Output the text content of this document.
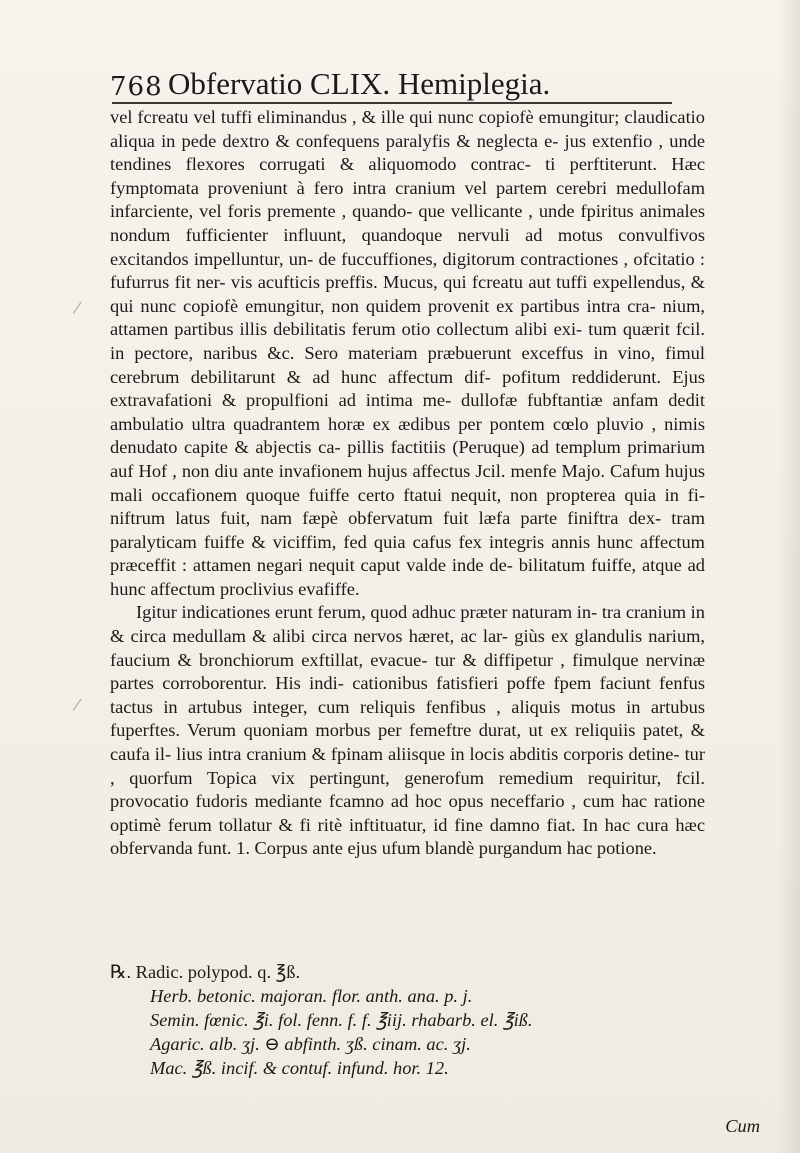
768 Obfervatio CLIX. Hemiplegia.

vel fcreatu vel tuffi eliminandus , & ille qui nunc copiofè emungitur; claudicatio aliqua in pede dextro & confequens paralyfis & neglecta e- jus extenfio , unde tendines flexores corrugati & aliquomodo contrac- ti perftiterunt. Hæc fymptomata proveniunt à fero intra cranium vel partem cerebri medullofam infarciente, vel foris premente , quando- que vellicante , unde fpiritus animales nondum fufficienter influunt, quandoque nervuli ad motus convulfivos excitandos impelluntur, un- de fuccuffiones, digitorum contractiones , ofcitatio : fufurrus fit ner- vis acufticis preffis. Mucus, qui fcreatu aut tuffi expellendus, & qui nunc copiofè emungitur, non quidem provenit ex partibus intra cra- nium, attamen partibus illis debilitatis ferum otio collectum alibi exi- tum quærit fcil. in pectore, naribus &c. Sero materiam præbuerunt exceffus in vino, fimul cerebrum debilitarunt & ad hunc affectum dif- pofitum reddiderunt. Ejus extravafationi & propulfioni ad intima me- dullofæ fubftantiæ anfam dedit ambulatio ultra quadrantem horæ ex ædibus per pontem cœlo pluvio , nimis denudato capite & abjectis ca- pillis factitiis (Peruque) ad templum primarium auf Hof , non diu ante invafionem hujus affectus Jcil. menfe Majo. Cafum hujus mali occafionem quoque fuiffe certo ftatui nequit, non propterea quia in fi- niftrum latus fuit, nam fæpè obfervatum fuit læfa parte finiftra dex- tram paralyticam fuiffe & viciffim, fed quia cafus fex integris annis hunc affectum præceffit : attamen negari nequit caput valde inde de- bilitatum fuiffe, atque ad hunc affectum proclivius evafiffe.

Igitur indicationes erunt ferum, quod adhuc præter naturam in- tra cranium in & circa medullam & alibi circa nervos hæret, ac lar- giùs ex glandulis narium, faucium & bronchiorum exftillat, evacue- tur & diffipetur , fimulque nervinæ partes corroborentur. His indi- cationibus fatisfieri poffe fpem faciunt fenfus tactus in artubus integer, cum reliquis fenfibus , aliquis motus in artubus fuperftes. Verum quoniam morbus per femeftre durat, ut ex reliquiis patet, & caufa il- lius intra cranium & fpinam aliisque in locis abditis corporis detine- tur , quorfum Topica vix pertingunt, generofum remedium requiritur, fcil. provocatio fudoris mediante fcamno ad hoc opus neceffario , cum hac ratione optimè ferum tollatur & fi ritè inftituatur, id fine damno fiat. In hac cura hæc obfervanda funt. 1. Corpus ante ejus ufum blandè purgandum hac potione.

℞. Radic. polypod. q. ℥ß.
Herb. betonic. majoran. flor. anth. ana. p. j.
Semin. fœnic. ℥i. fol. fenn. f. f. ℥iij. rhabarb. el. ℥iß.
Agaric. alb. ʒj. ⊖ abfinth. ʒß. cinam. ac. ʒj.
Mac. ℥ß. incif. & contuf. infund. hor. 12.
Cum
